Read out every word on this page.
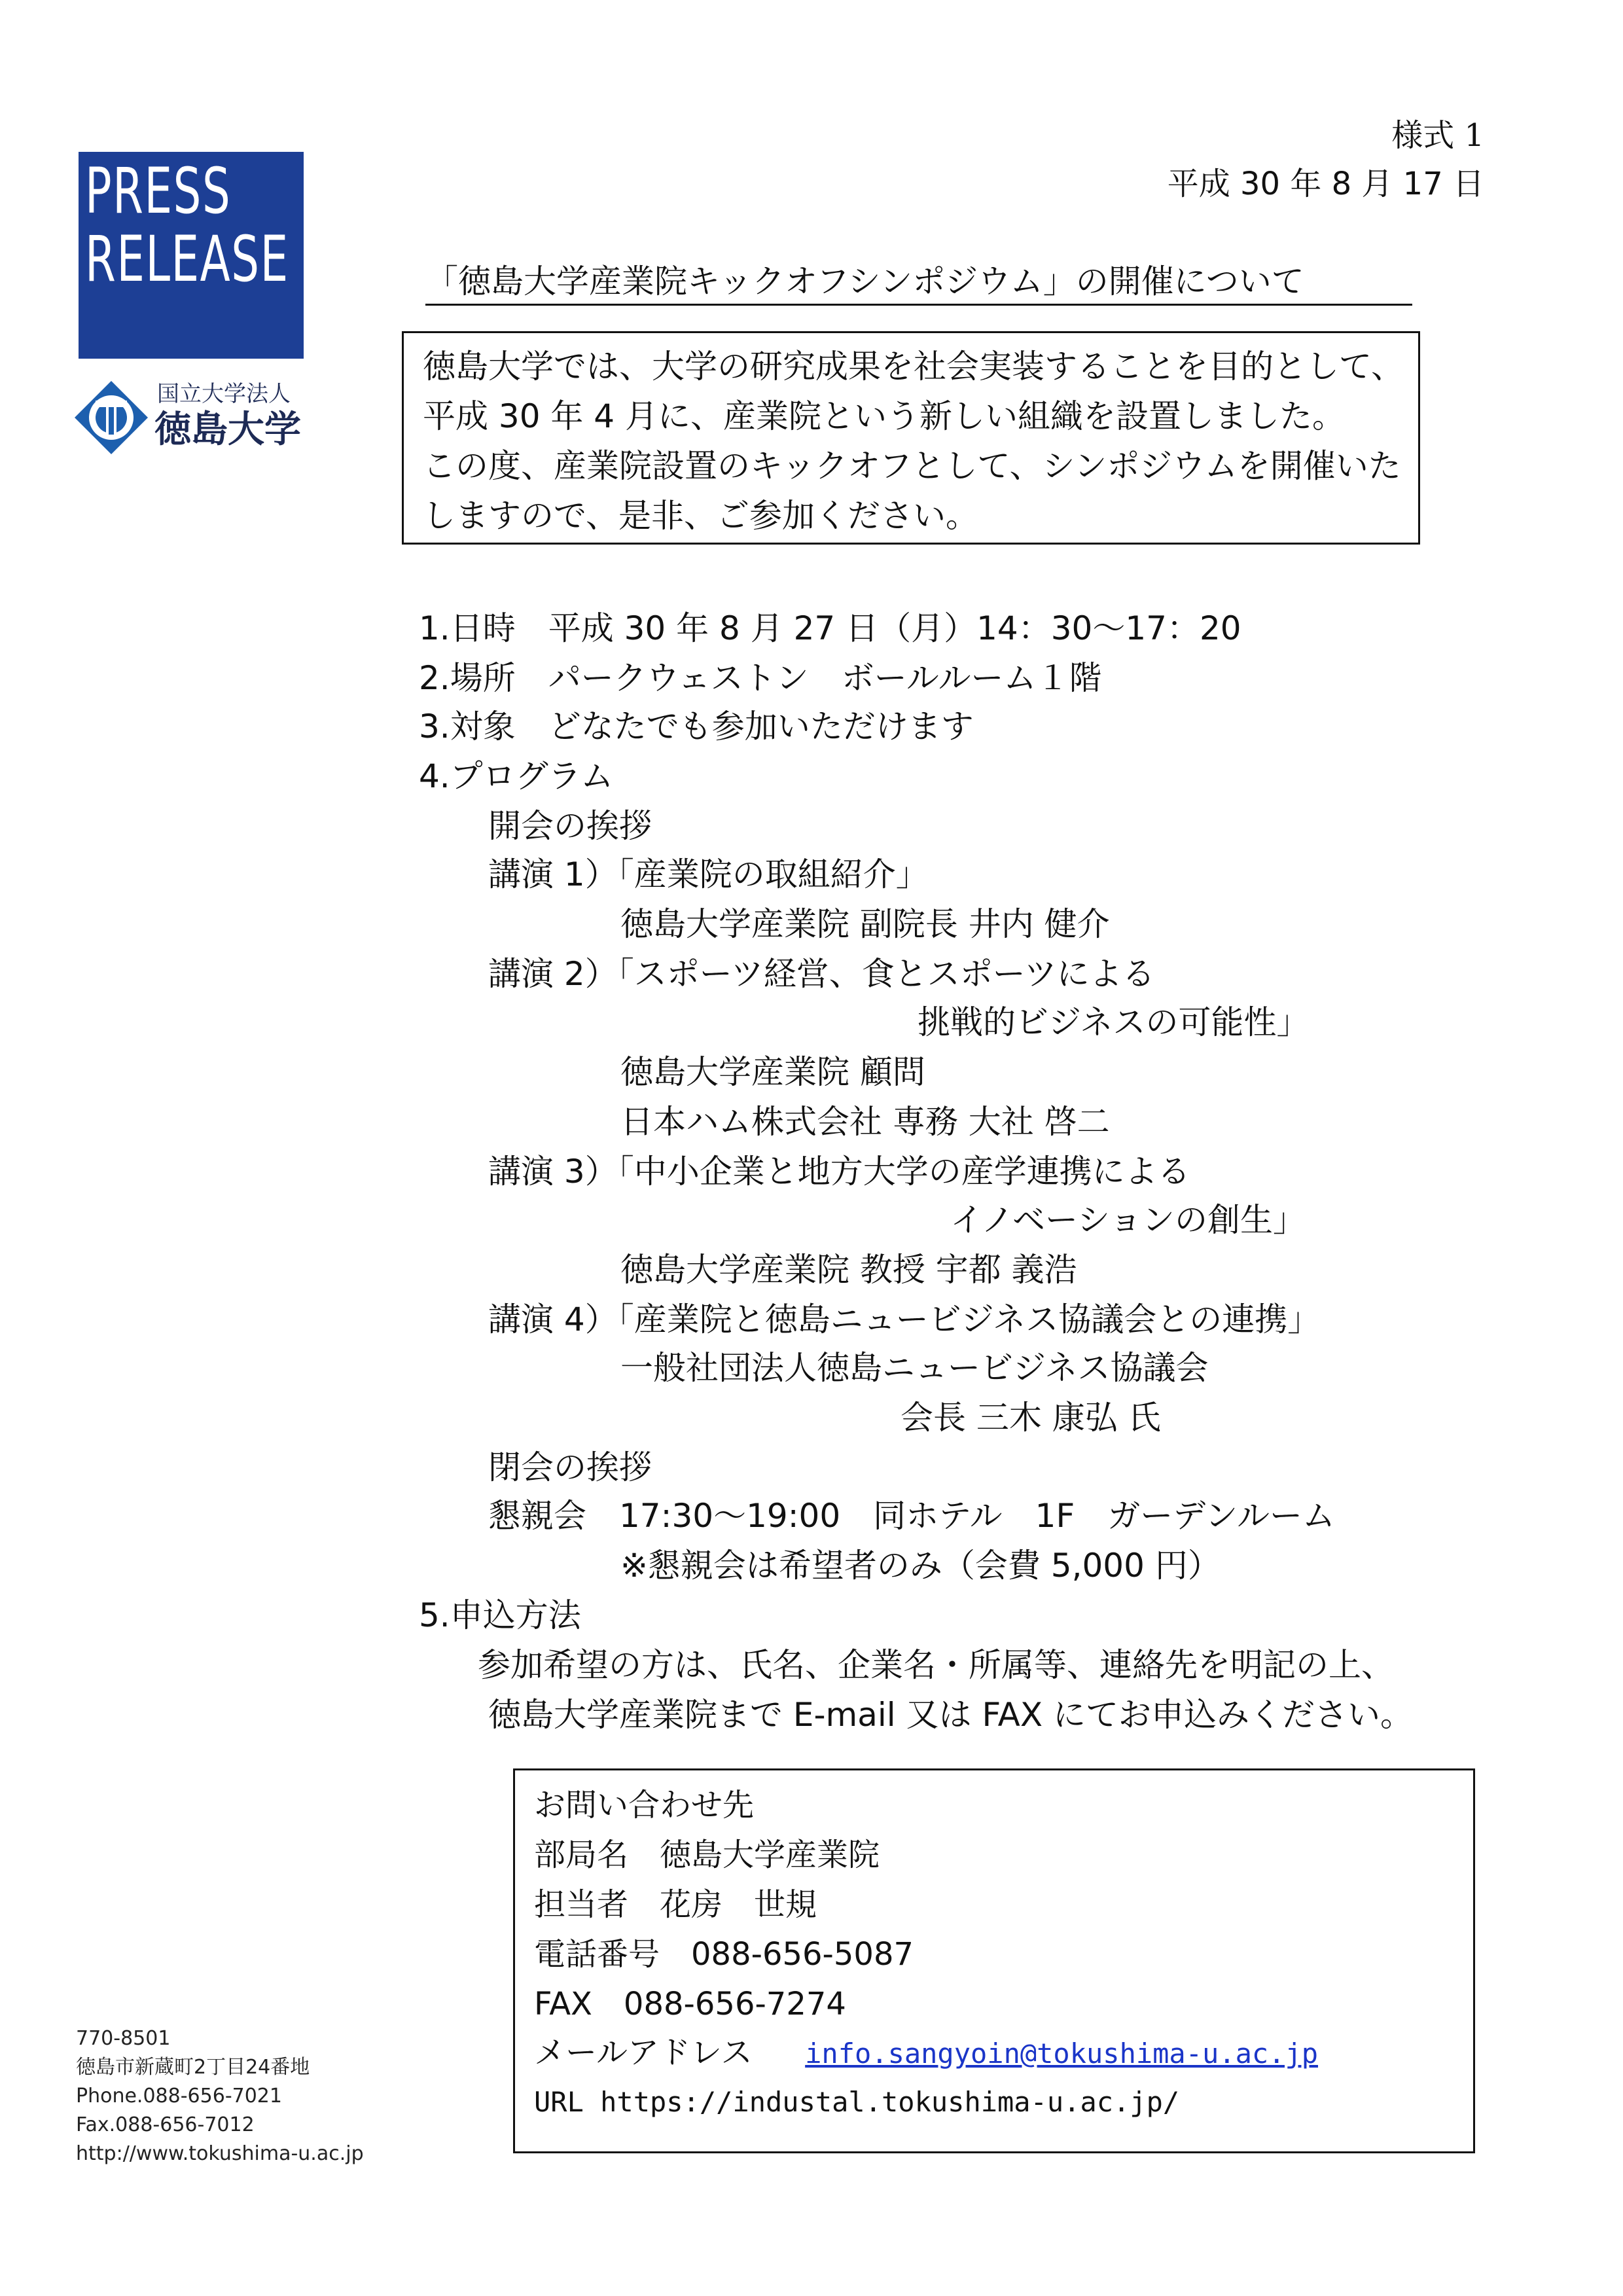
PRESS
RELEASE
国立大学法人
徳島大学
様式 1
平成 30 年 8 月 17 日
「徳島大学産業院キックオフシンポジウム」の開催について
徳島大学では、大学の研究成果を社会実装することを目的として、
平成 30 年 4 月に、産業院という新しい組織を設置しました。
この度、産業院設置のキックオフとして、シンポジウムを開催いた
しますので、是非、ご参加ください。
1.日時　平成 30 年 8 月 27 日（月）14：30〜17：20
2.場所　パークウェストン　ボールルーム１階
3.対象　どなたでも参加いただけます
4.プログラム
開会の挨拶
講演 1）「産業院の取組紹介」
徳島大学産業院 副院長 井内 健介
講演 2）「スポーツ経営、食とスポーツによる
挑戦的ビジネスの可能性」
徳島大学産業院 顧問
日本ハム株式会社 専務 大社 啓二
講演 3）「中小企業と地方大学の産学連携による
イノベーションの創生」
徳島大学産業院 教授 宇都 義浩
講演 4）「産業院と徳島ニュービジネス協議会との連携」
一般社団法人徳島ニュービジネス協議会
会長 三木 康弘 氏
閉会の挨拶
懇親会　17:30〜19:00　同ホテル　1F　ガーデンルーム
※懇親会は希望者のみ（会費 5,000 円）
5.申込方法
参加希望の方は、氏名、企業名・所属等、連絡先を明記の上、
徳島大学産業院まで E-mail 又は FAX にてお申込みください。
お問い合わせ先
部局名　徳島大学産業院
担当者　花房　世規
電話番号　088-656-5087
FAX　088-656-7274
メールアドレス info.sangyoin@tokushima-u.ac.jp
URL https://industal.tokushima-u.ac.jp/
770-8501
徳島市新蔵町2丁目24番地
Phone.088-656-7021
Fax.088-656-7012
http://www.tokushima-u.ac.jp
